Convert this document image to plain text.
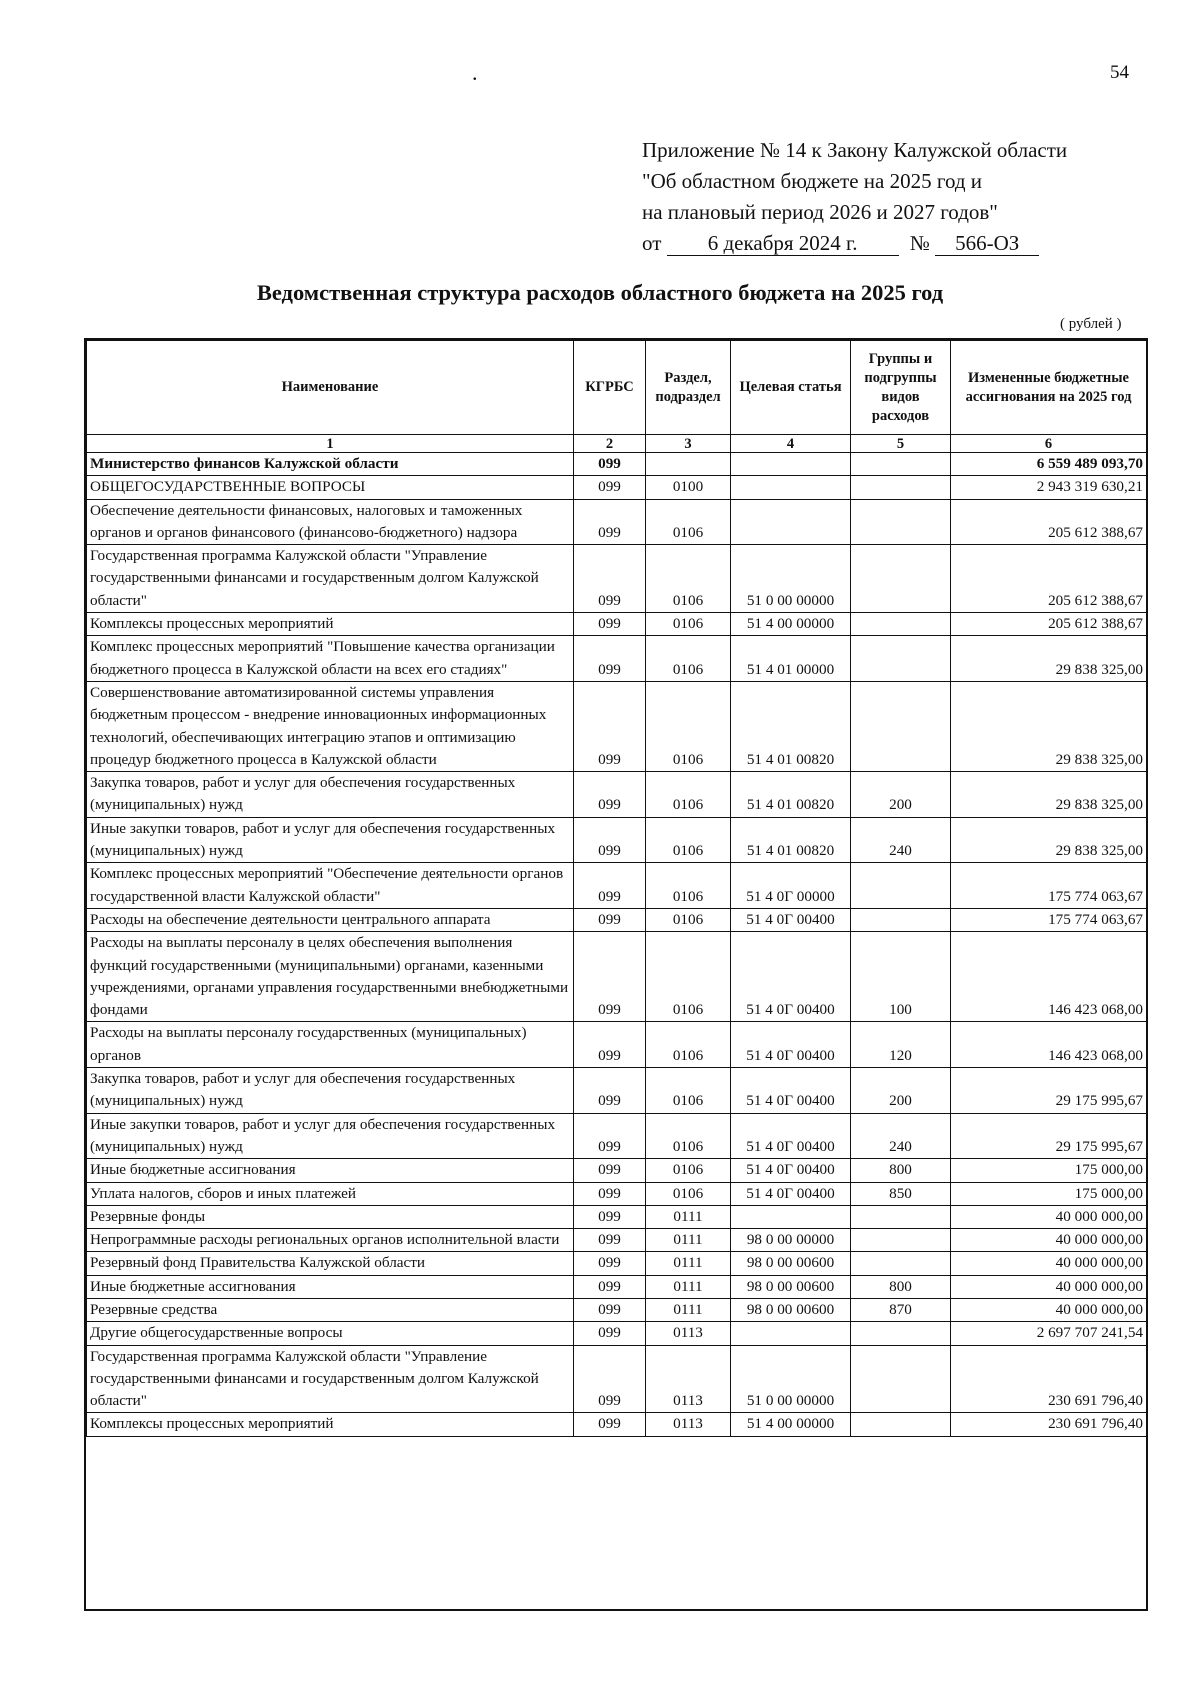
54
.
Приложение № 14 к Закону Калужской области
"Об областном бюджете на 2025 год и
на плановый период 2026 и 2027 годов"
от 6 декабря 2024 г. № 566-ОЗ
Ведомственная структура расходов областного бюджета на 2025 год
( рублей )
Наименование	КГРБС	Раздел, подраздел	Целевая статья	Группы и подгруппы видов расходов	Измененные бюджетные ассигнования на 2025 год
1	2	3	4	5	6
Министерство финансов Калужской области	099				6 559 489 093,70
ОБЩЕГОСУДАРСТВЕННЫЕ ВОПРОСЫ	099	0100			2 943 319 630,21
Обеспечение деятельности финансовых, налоговых и таможенных органов и органов финансового (финансово-бюджетного) надзора	099	0106			205 612 388,67
Государственная программа Калужской области "Управление государственными финансами и государственным долгом Калужской области"	099	0106	51 0 00 00000		205 612 388,67
Комплексы процессных мероприятий	099	0106	51 4 00 00000		205 612 388,67
Комплекс процессных мероприятий "Повышение качества организации бюджетного процесса в Калужской области на всех его стадиях"	099	0106	51 4 01 00000		29 838 325,00
Совершенствование автоматизированной системы управления бюджетным процессом - внедрение инновационных информационных технологий, обеспечивающих интеграцию этапов и оптимизацию процедур бюджетного процесса в Калужской области	099	0106	51 4 01 00820		29 838 325,00
Закупка товаров, работ и услуг для обеспечения государственных (муниципальных) нужд	099	0106	51 4 01 00820	200	29 838 325,00
Иные закупки товаров, работ и услуг для обеспечения государственных (муниципальных) нужд	099	0106	51 4 01 00820	240	29 838 325,00
Комплекс процессных мероприятий "Обеспечение деятельности органов государственной власти Калужской области"	099	0106	51 4 0Г 00000		175 774 063,67
Расходы на обеспечение деятельности центрального аппарата	099	0106	51 4 0Г 00400		175 774 063,67
Расходы на выплаты персоналу в целях обеспечения выполнения функций государственными (муниципальными) органами, казенными учреждениями, органами управления государственными внебюджетными фондами	099	0106	51 4 0Г 00400	100	146 423 068,00
Расходы на выплаты персоналу государственных (муниципальных) органов	099	0106	51 4 0Г 00400	120	146 423 068,00
Закупка товаров, работ и услуг для обеспечения государственных (муниципальных) нужд	099	0106	51 4 0Г 00400	200	29 175 995,67
Иные закупки товаров, работ и услуг для обеспечения государственных (муниципальных) нужд	099	0106	51 4 0Г 00400	240	29 175 995,67
Иные бюджетные ассигнования	099	0106	51 4 0Г 00400	800	175 000,00
Уплата налогов, сборов и иных платежей	099	0106	51 4 0Г 00400	850	175 000,00
Резервные фонды	099	0111			40 000 000,00
Непрограммные расходы региональных органов исполнительной власти	099	0111	98 0 00 00000		40 000 000,00
Резервный фонд Правительства Калужской области	099	0111	98 0 00 00600		40 000 000,00
Иные бюджетные ассигнования	099	0111	98 0 00 00600	800	40 000 000,00
Резервные средства	099	0111	98 0 00 00600	870	40 000 000,00
Другие общегосударственные вопросы	099	0113			2 697 707 241,54
Государственная программа Калужской области "Управление государственными финансами и государственным долгом Калужской области"	099	0113	51 0 00 00000		230 691 796,40
Комплексы процессных мероприятий	099	0113	51 4 00 00000		230 691 796,40
